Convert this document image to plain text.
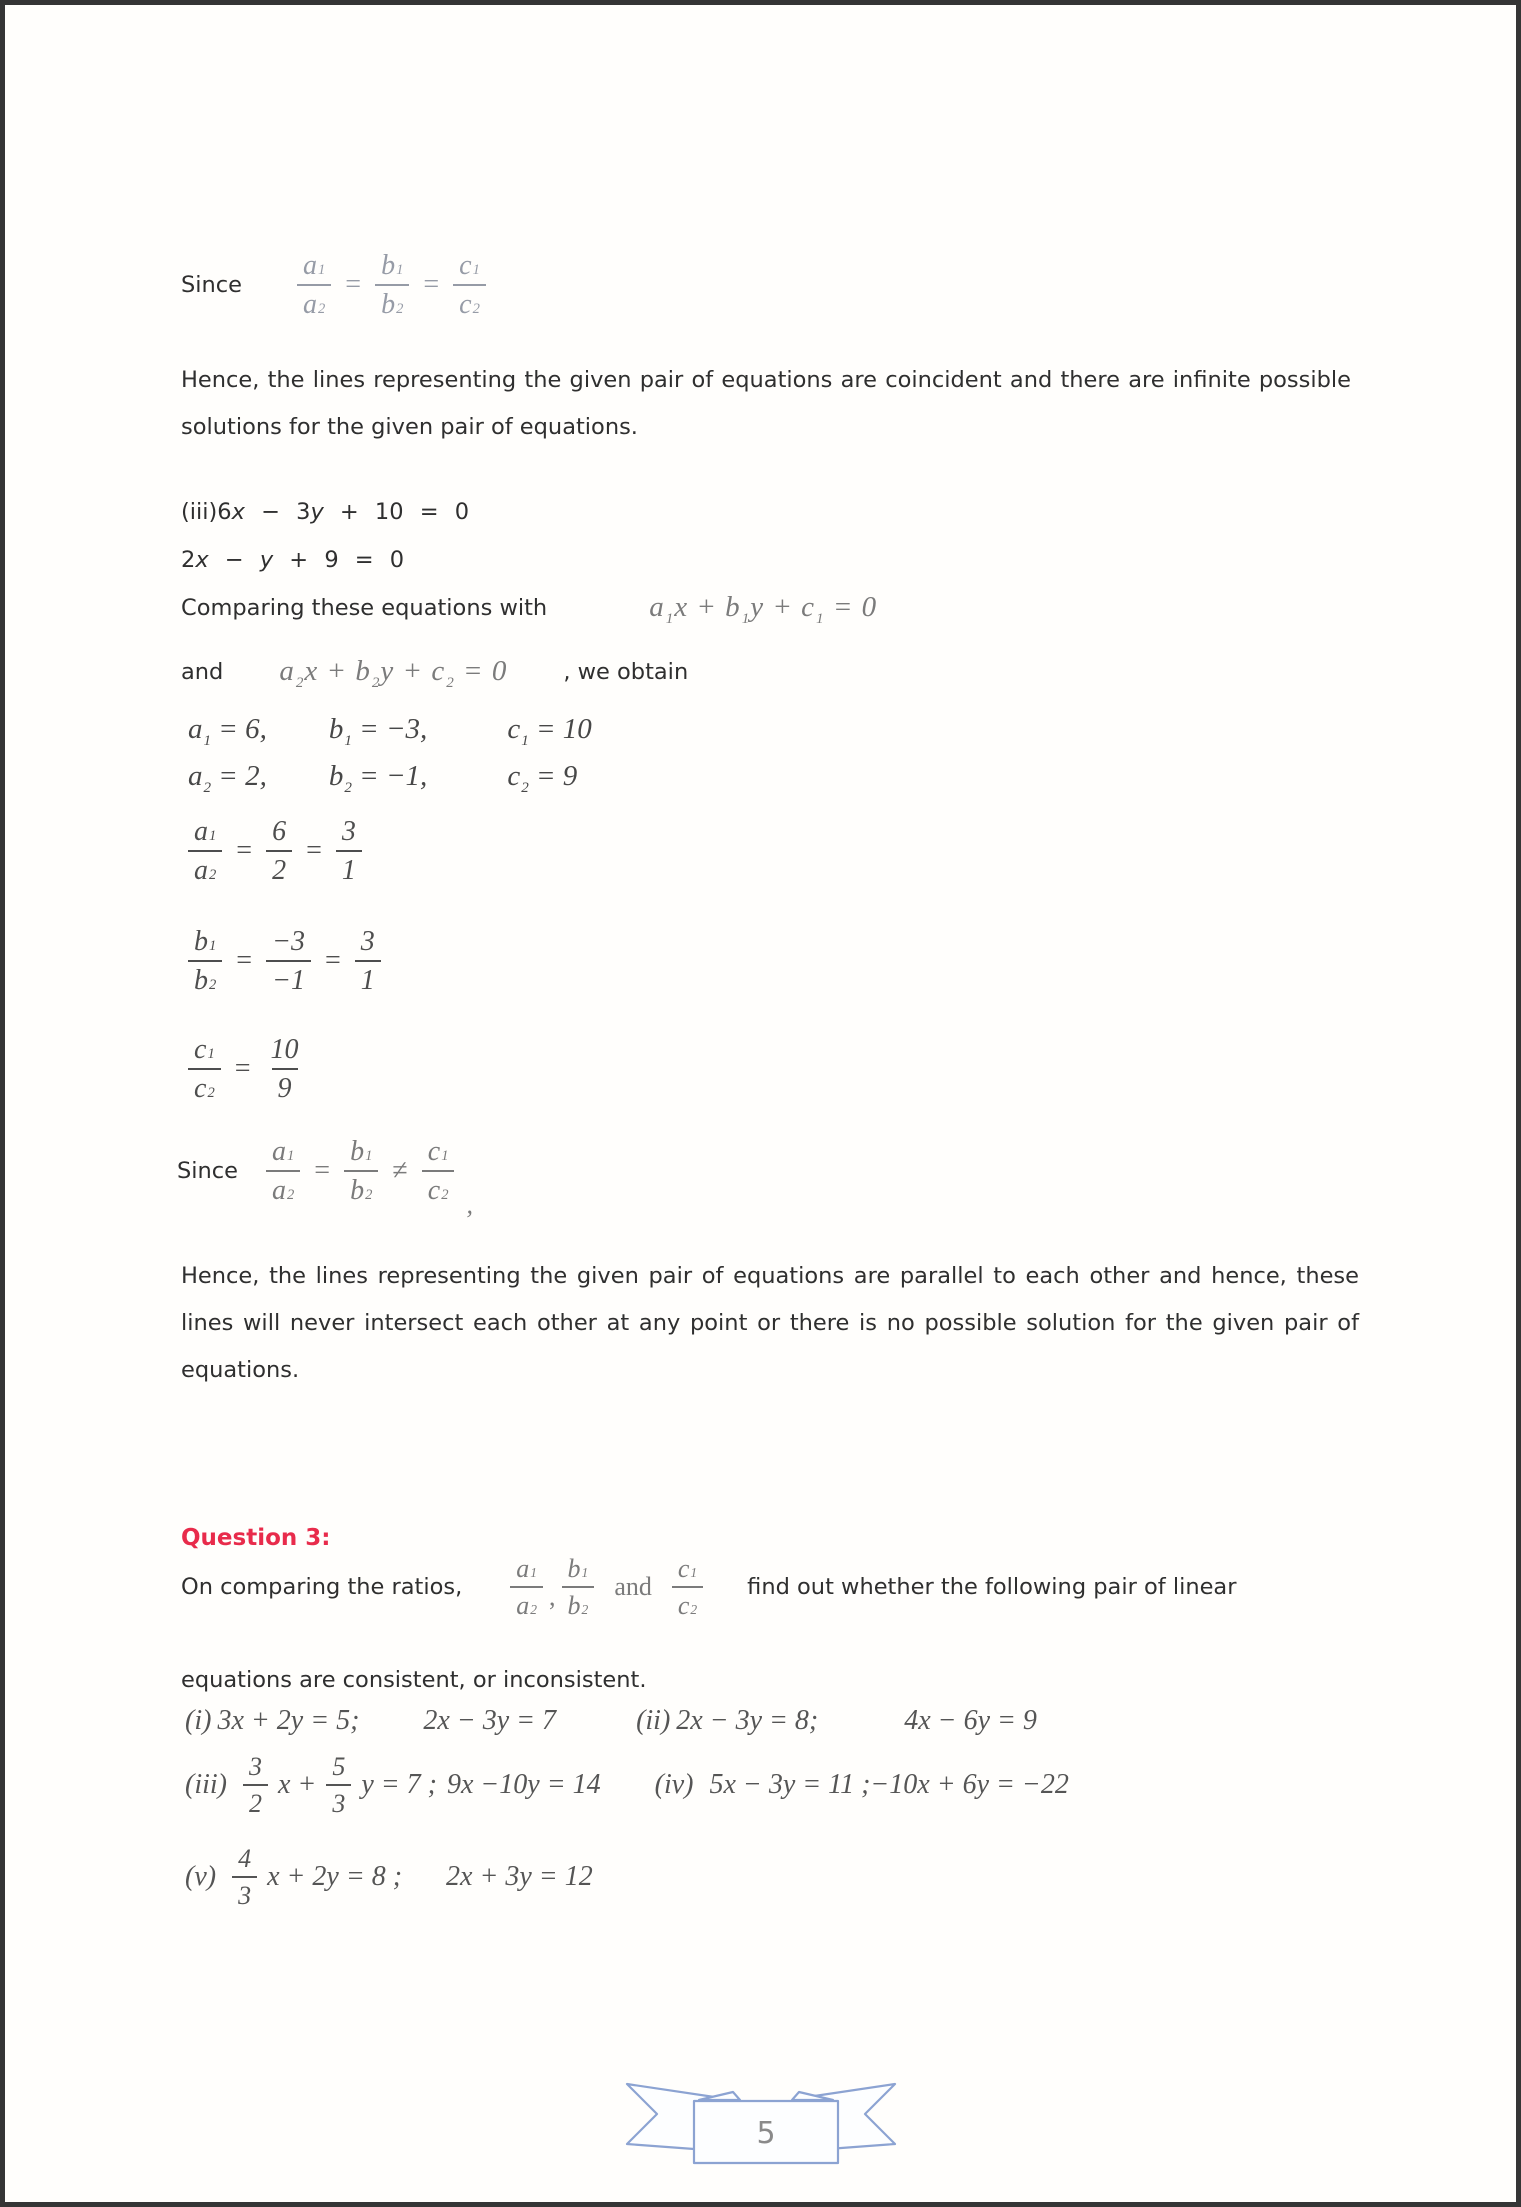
Since $\frac{a 1}{a 2} = \frac{b 1}{b 2} = \frac{c 1}{c 2}$
Hence, the lines representing the given pair of equations are coincident and there are infinite possible solutions for the given pair of equations.
(iii)6x − 3y + 10 = 0
2x − y + 9 = 0
Comparing these equations with	$a_1x + b_1y + c_1 = 0$
and $a_2x + b_2y + c_2 = 0$ , we obtain
$a_1 = 6$, $b_1 = -3$,	$c_1 = 10$
$a_2 = 2$, $b_2 = -1$,	$c_2 = 9$
$\frac{a 1}{a 2} = \frac{6}{2} = \frac{3}{1}$
$\frac{b 1}{b 2} = \frac{-3}{-1} = \frac{3}{1}$
$\frac{c 1}{c 2} = \frac{10}{9}$
Since $\frac{a 1}{a 2} = \frac{b 1}{b 2} \ne \frac{c 1}{c 2}$ ,
Hence, the lines representing the given pair of equations are parallel to each other and hence, these lines will never intersect each other at any point or there is no possible solution for the given pair of equations.
Question 3:
On comparing the ratios, $\frac{a 1}{a 2}$ , $\frac{b 1}{b 2}$ and $\frac{c 1}{c 2}$ find out whether the following pair of linear
equations are consistent, or inconsistent.
(i) 3x + 2y = 5; 2x − 3y = 7	(ii) 2x − 3y = 8;	4x − 6y = 9
$(iii) \frac{3}{2}$ $x + \frac{5}{3}$ y = 7 ; 9x −10y = 14 (iv) 5x − 3y = 11 ;−10x + 6y = −22
$(v) \frac{4}{3}$ x + 2y = 8 ; 2x + 3y = 12
5
